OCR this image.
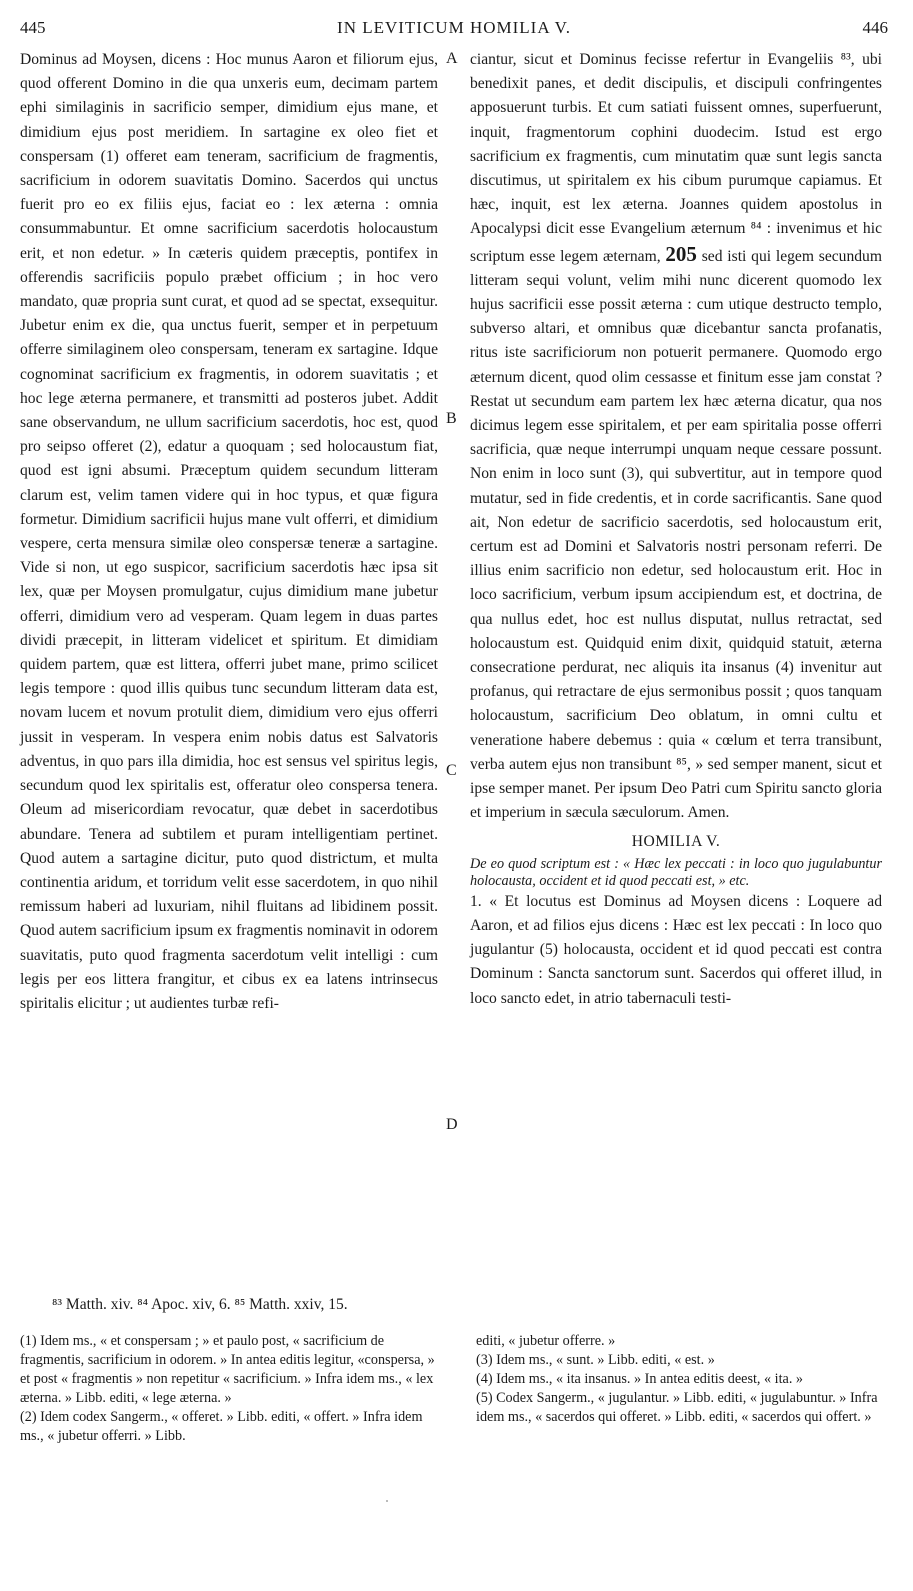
445	IN LEVITICUM HOMILIA V.	446

Dominus ad Moysen, dicens : Hoc munus Aaron et filiorum ejus, quod offerent Domino in die qua unxeris eum, decimam partem ephi similaginis in sacrificio semper, dimidium ejus mane, et dimidium ejus post meridiem. In sartagine ex oleo fiet et conspersam (1) offeret eam teneram, sacrificium de fragmentis, sacrificium in odorem suavitatis Domino. Sacerdos qui unctus fuerit pro eo ex filiis ejus, faciat eo : lex æterna : omnia consummabuntur. Et omne sacrificium sacerdotis holocaustum erit, et non edetur. » In cæteris quidem præceptis, pontifex in offerendis sacrificiis populo præbet officium ; in hoc vero mandato, quæ propria sunt curat, et quod ad se spectat, exsequitur. Jubetur enim ex die, qua unctus fuerit, semper et in perpetuum offerre similaginem oleo conspersam, teneram ex sartagine. Idque cognominat sacrificium ex fragmentis, in odorem suavitatis ; et hoc lege æterna permanere, et transmitti ad posteros jubet. Addit sane observandum, ne ullum sacrificium sacerdotis, hoc est, quod pro seipso offeret (2), edatur a quoquam ; sed holocaustum fiat, quod est igni absumi. Præceptum quidem secundum litteram clarum est, velim tamen videre qui in hoc typus, et quæ figura formetur. Dimidium sacrificii hujus mane vult offerri, et dimidium vespere, certa mensura similæ oleo conspersæ teneræ a sartagine. Vide si non, ut ego suspicor, sacrificium sacerdotis hæc ipsa sit lex, quæ per Moysen promulgatur, cujus dimidium mane jubetur offerri, dimidium vero ad vesperam. Quam legem in duas partes dividi præcepit, in litteram videlicet et spiritum. Et dimidiam quidem partem, quæ est littera, offerri jubet mane, primo scilicet legis tempore : quod illis quibus tunc secundum litteram data est, novam lucem et novum protulit diem, dimidium vero ejus offerri jussit in vesperam. In vespera enim nobis datus est Salvatoris adventus, in quo pars illa dimidia, hoc est sensus vel spiritus legis, secundum quod lex spiritalis est, offeratur oleo conspersa tenera. Oleum ad misericordiam revocatur, quæ debet in sacerdotibus abundare. Tenera ad subtilem et puram intelligentiam pertinet. Quod autem a sartagine dicitur, puto quod districtum, et multa continentia aridum, et torridum velit esse sacerdotem, in quo nihil remissum haberi ad luxuriam, nihil fluitans ad libidinem possit. Quod autem sacrificium ipsum ex fragmentis nominavit in odorem suavitatis, puto quod fragmenta sacerdotum velit intelligi : cum legis per eos littera frangitur, et cibus ex ea latens intrinsecus spiritalis elicitur ; ut audientes turbæ refi-

A
B
C
D

ciantur, sicut et Dominus fecisse refertur in Evangeliis ⁸³, ubi benedixit panes, et dedit discipulis, et discipuli confringentes apposuerunt turbis. Et cum satiati fuissent omnes, superfuerunt, inquit, fragmentorum cophini duodecim. Istud est ergo sacrificium ex fragmentis, cum minutatim quæ sunt legis sancta discutimus, ut spiritalem ex his cibum purumque capiamus. Et hæc, inquit, est lex æterna. Joannes quidem apostolus in Apocalypsi dicit esse Evangelium æternum ⁸⁴ : invenimus et hic scriptum esse legem æternam, 205 sed isti qui legem secundum litteram sequi volunt, velim mihi nunc dicerent quomodo lex hujus sacrificii esse possit æterna : cum utique destructo templo, subverso altari, et omnibus quæ dicebantur sancta profanatis, ritus iste sacrificiorum non potuerit permanere. Quomodo ergo æternum dicent, quod olim cessasse et finitum esse jam constat ? Restat ut secundum eam partem lex hæc æterna dicatur, qua nos dicimus legem esse spiritalem, et per eam spiritalia posse offerri sacrificia, quæ neque interrumpi unquam neque cessare possunt. Non enim in loco sunt (3), qui subvertitur, aut in tempore quod mutatur, sed in fide credentis, et in corde sacrificantis. Sane quod ait, Non edetur de sacrificio sacerdotis, sed holocaustum erit, certum est ad Domini et Salvatoris nostri personam referri. De illius enim sacrificio non edetur, sed holocaustum erit. Hoc in loco sacrificium, verbum ipsum accipiendum est, et doctrina, de qua nullus edet, hoc est nullus disputat, nullus retractat, sed holocaustum est. Quidquid enim dixit, quidquid statuit, æterna consecratione perdurat, nec aliquis ita insanus (4) invenitur aut profanus, qui retractare de ejus sermonibus possit ; quos tanquam holocaustum, sacrificium Deo oblatum, in omni cultu et veneratione habere debemus : quia « cœlum et terra transibunt, verba autem ejus non transibunt ⁸⁵, » sed semper manent, sicut et ipse semper manet. Per ipsum Deo Patri cum Spiritu sancto gloria et imperium in sæcula sæculorum. Amen.

HOMILIA V.

De eo quod scriptum est : « Hæc lex peccati : in loco quo jugulabuntur holocausta, occident et id quod peccati est, » etc.

1. « Et locutus est Dominus ad Moysen dicens : Loquere ad Aaron, et ad filios ejus dicens : Hæc est lex peccati : In loco quo jugulantur (5) holocausta, occident et id quod peccati est contra Dominum : Sancta sanctorum sunt. Sacerdos qui offeret illud, in loco sancto edet, in atrio tabernaculi testi-

⁸³ Matth. xiv. ⁸⁴ Apoc. xiv, 6. ⁸⁵ Matth. xxiv, 15.

(1) Idem ms., « et conspersam ; » et paulo post, « sacrificium de fragmentis, sacrificium in odorem. » In antea editis legitur, «conspersa, » et post « fragmentis » non repetitur « sacrificium. » Infra idem ms., « lex æterna. » Libb. editi, « lege æterna. »

(2) Idem codex Sangerm., « offeret. » Libb. editi, « offert. » Infra idem ms., « jubetur offerri. » Libb.

editi, « jubetur offerre. »

(3) Idem ms., « sunt. » Libb. editi, « est. »

(4) Idem ms., « ita insanus. » In antea editis deest, « ita. »

(5) Codex Sangerm., « jugulantur. » Libb. editi, « jugulabuntur. » Infra idem ms., « sacerdos qui offeret. » Libb. editi, « sacerdos qui offert. »
